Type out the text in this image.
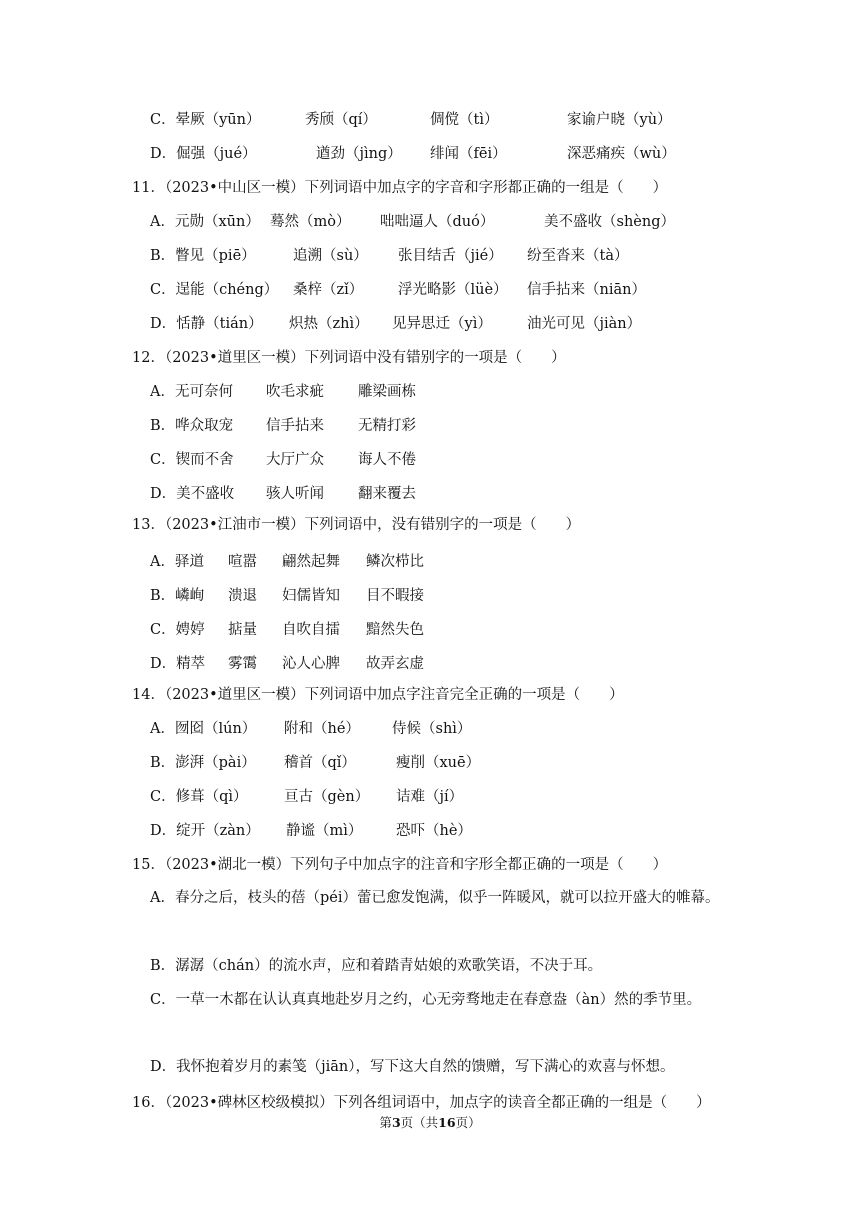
C．晕厥（yūn）	秀颀（qí）	倜傥（tì）	家谕户晓（yù）
D．倔强（jué）	遒劲（jìng） 绯闻（fēi）	深恶痛疾（wù）
11．（2023•中山区一模）下列词语中加点字的字音和字形都正确的一组是（　　）
A．元勋（xūn） 蓦然（mò） 咄咄逼人（duó）	美不盛收（shèng）
B．瞥见（piē）	追溯（sù） 张目结舌（jié） 纷至沓来（tà）
C．逞能（chéng） 桑梓（zǐ） 浮光略影（lüè） 信手拈来（niān）
D．恬静（tián） 炽热（zhì） 见异思迁（yì） 油光可见（jiàn）
12．（2023•道里区一模）下列词语中没有错别字的一项是（　　）
A．无可奈何 吹毛求疵 雕梁画栋
B．哗众取宠 信手拈来 无精打彩
C．锲而不舍 大厅广众 诲人不倦
D．美不盛收 骇人听闻 翻来覆去
13．（2023•江油市一模）下列词语中，没有错别字的一项是（　　）
A．驿道 喧嚣 翩然起舞 鳞次栉比
B．嶙峋 溃退 妇儒皆知 目不暇接
C．娉婷 掂量 自吹自擂 黯然失色
D．精萃 雾霭 沁人心脾 故弄玄虚
14．（2023•道里区一模）下列词语中加点字注音完全正确的一项是（　　）
A．囫囵（lún） 附和（hé） 侍候（shì）
B．澎湃（pài） 稽首（qǐ）	瘦削（xuē）
C．修葺（qì）	亘古（gèn） 诘难（jí）
D．绽开（zàn） 静谧（mì） 恐吓（hè）
15．（2023•湖北一模）下列句子中加点字的注音和字形全都正确的一项是（　　）
A．春分之后，枝头的蓓（péi）蕾已愈发饱满，似乎一阵暖风，就可以拉开盛大的帷幕。
B．潺潺（chán）的流水声，应和着踏青姑娘的欢歌笑语，不决于耳。
C．一草一木都在认认真真地赴岁月之约，心无旁骛地走在春意盎（àn）然的季节里。
D．我怀抱着岁月的素笺（jiān），写下这大自然的馈赠，写下满心的欢喜与怀想。
16．（2023•碑林区校级模拟）下列各组词语中，加点字的读音全都正确的一组是（　　）
第3页（共16页）
